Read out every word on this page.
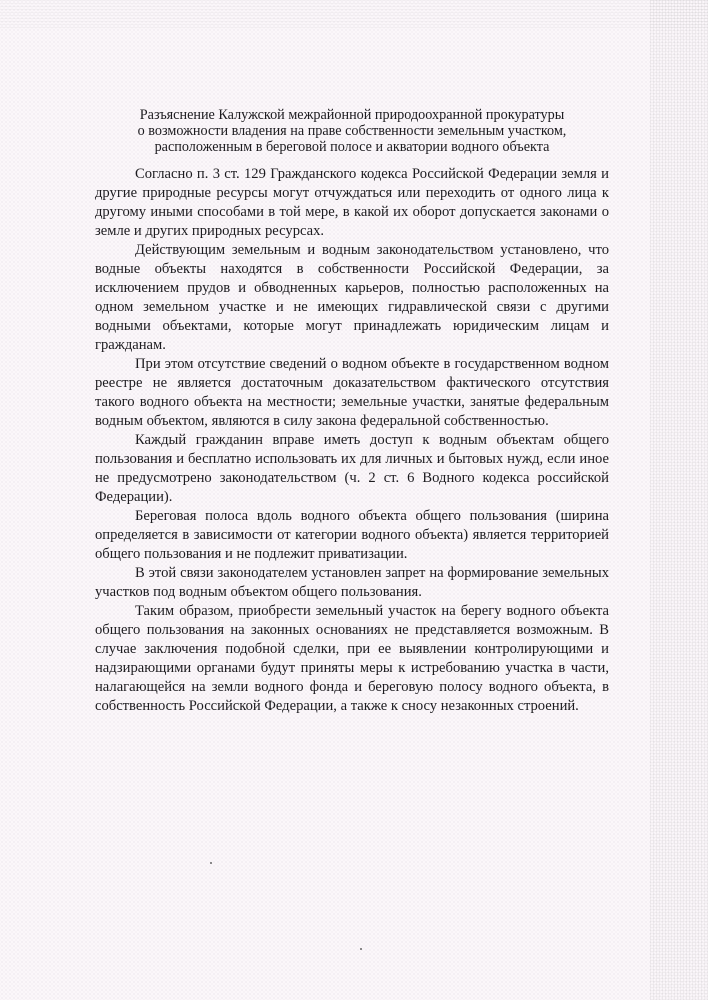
Разъяснение Калужской межрайонной природоохранной прокуратуры
о возможности владения на праве собственности земельным участком,
расположенным в береговой полосе и акватории водного объекта

Согласно п. 3 ст. 129 Гражданского кодекса Российской Федерации земля и другие природные ресурсы могут отчуждаться или переходить от одного лица к другому иными способами в той мере, в какой их оборот допускается законами о земле и других природных ресурсах.

Действующим земельным и водным законодательством установлено, что водные объекты находятся в собственности Российской Федерации, за исключением прудов и обводненных карьеров, полностью расположенных на одном земельном участке и не имеющих гидравлической связи с другими водными объектами, которые могут принадлежать юридическим лицам и гражданам.

При этом отсутствие сведений о водном объекте в государственном водном реестре не является достаточным доказательством фактического отсутствия такого водного объекта на местности; земельные участки, занятые федеральным водным объектом, являются в силу закона федеральной собственностью.

Каждый гражданин вправе иметь доступ к водным объектам общего пользования и бесплатно использовать их для личных и бытовых нужд, если иное не предусмотрено законодательством (ч. 2 ст. 6 Водного кодекса российской Федерации).

Береговая полоса вдоль водного объекта общего пользования (ширина определяется в зависимости от категории водного объекта) является территорией общего пользования и не подлежит приватизации.

В этой связи законодателем установлен запрет на формирование земельных участков под водным объектом общего пользования.

Таким образом, приобрести земельный участок на берегу водного объекта общего пользования на законных основаниях не представляется возможным. В случае заключения подобной сделки, при ее выявлении контролирующими и надзирающими органами будут приняты меры к истребованию участка в части, налагающейся на земли водного фонда и береговую полосу водного объекта, в собственность Российской Федерации, а также к сносу незаконных строений.
